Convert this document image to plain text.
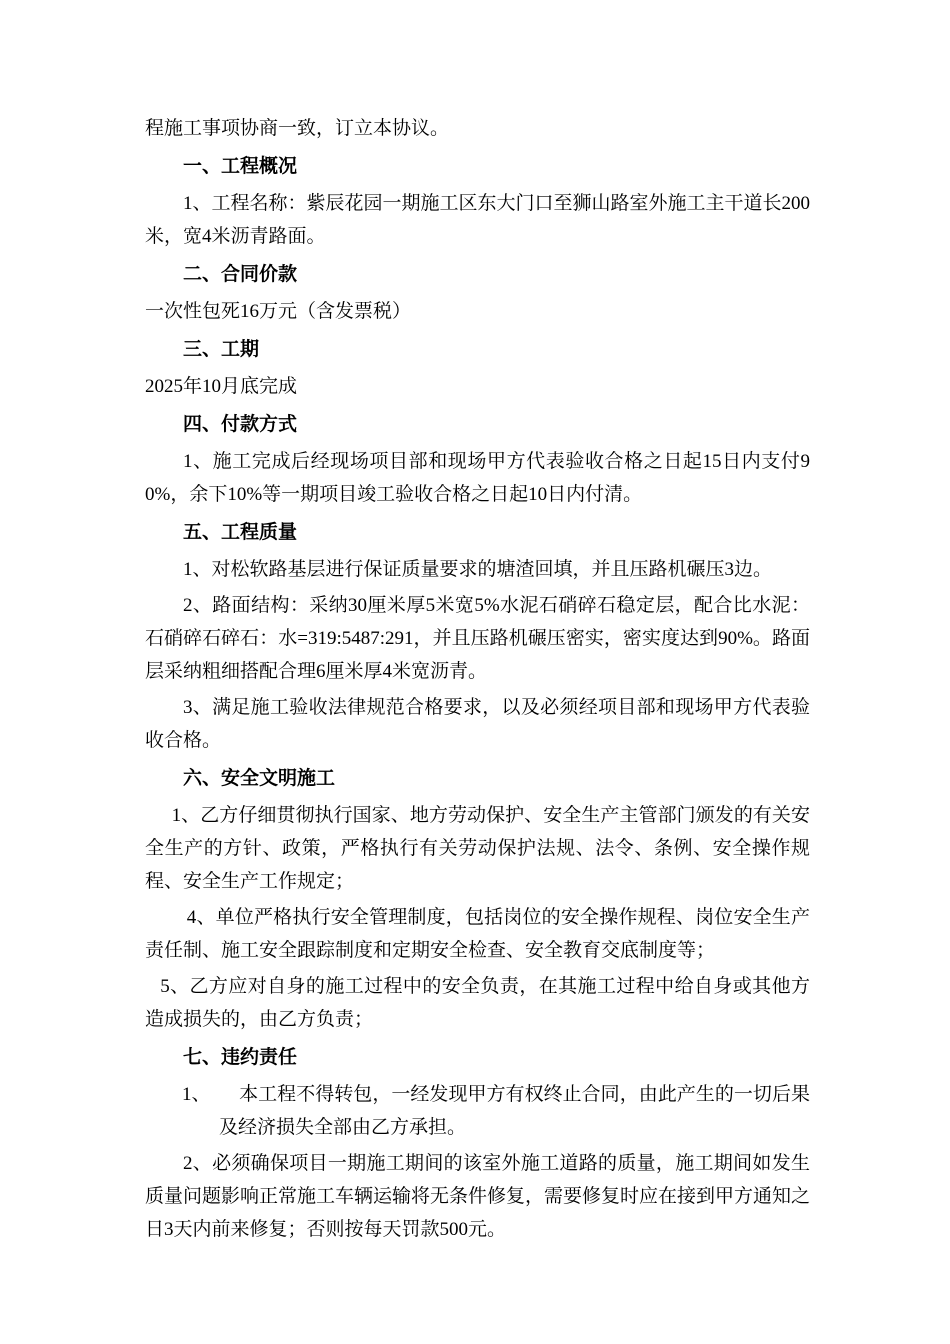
程施工事项协商一致，订立本协议。

一、工程概况

1、工程名称：紫辰花园一期施工区东大门口至狮山路室外施工主干道长200米，宽4米沥青路面。

二、合同价款

一次性包死16万元（含发票税）

三、工期

2025年10月底完成

四、付款方式

1、施工完成后经现场项目部和现场甲方代表验收合格之日起15日内支付90%，余下10%等一期项目竣工验收合格之日起10日内付清。

五、工程质量

1、对松软路基层进行保证质量要求的塘渣回填，并且压路机碾压3边。

2、路面结构：采纳30厘米厚5米宽5%水泥石硝碎石稳定层，配合比水泥：石硝碎石碎石：水=319:5487:291，并且压路机碾压密实，密实度达到90%。路面层采纳粗细搭配合理6厘米厚4米宽沥青。

3、满足施工验收法律规范合格要求，以及必须经项目部和现场甲方代表验收合格。

六、安全文明施工

1、乙方仔细贯彻执行国家、地方劳动保护、安全生产主管部门颁发的有关安全生产的方针、政策，严格执行有关劳动保护法规、法令、条例、安全操作规程、安全生产工作规定；

4、单位严格执行安全管理制度，包括岗位的安全操作规程、岗位安全生产责任制、施工安全跟踪制度和定期安全检查、安全教育交底制度等；

5、乙方应对自身的施工过程中的安全负责，在其施工过程中给自身或其他方造成损失的，由乙方负责；

七、违约责任

1、　　本工程不得转包，一经发现甲方有权终止合同，由此产生的一切后果及经济损失全部由乙方承担。

2、必须确保项目一期施工期间的该室外施工道路的质量，施工期间如发生质量问题影响正常施工车辆运输将无条件修复，需要修复时应在接到甲方通知之日3天内前来修复；否则按每天罚款500元。
